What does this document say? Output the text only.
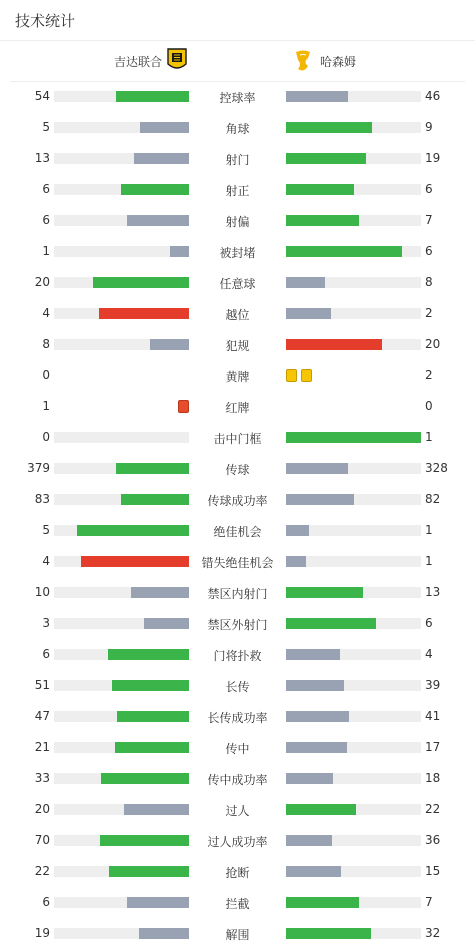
技术统计
吉达联合	哈森姆
54	控球率	46
5	角球	9
13	射门	19
6	射正	6
6	射偏	7
1	被封堵	6
20	任意球	8
4	越位	2
8	犯规	20
0	黄牌	2
1	红牌	0
0	击中门框	1
379	传球	328
83	传球成功率	82
5	绝佳机会	1
4	错失绝佳机会	1
10	禁区内射门	13
3	禁区外射门	6
6	门将扑救	4
51	长传	39
47	长传成功率	41
21	传中	17
33	传中成功率	18
20	过人	22
70	过人成功率	36
22	抢断	15
6	拦截	7
19	解围	32
